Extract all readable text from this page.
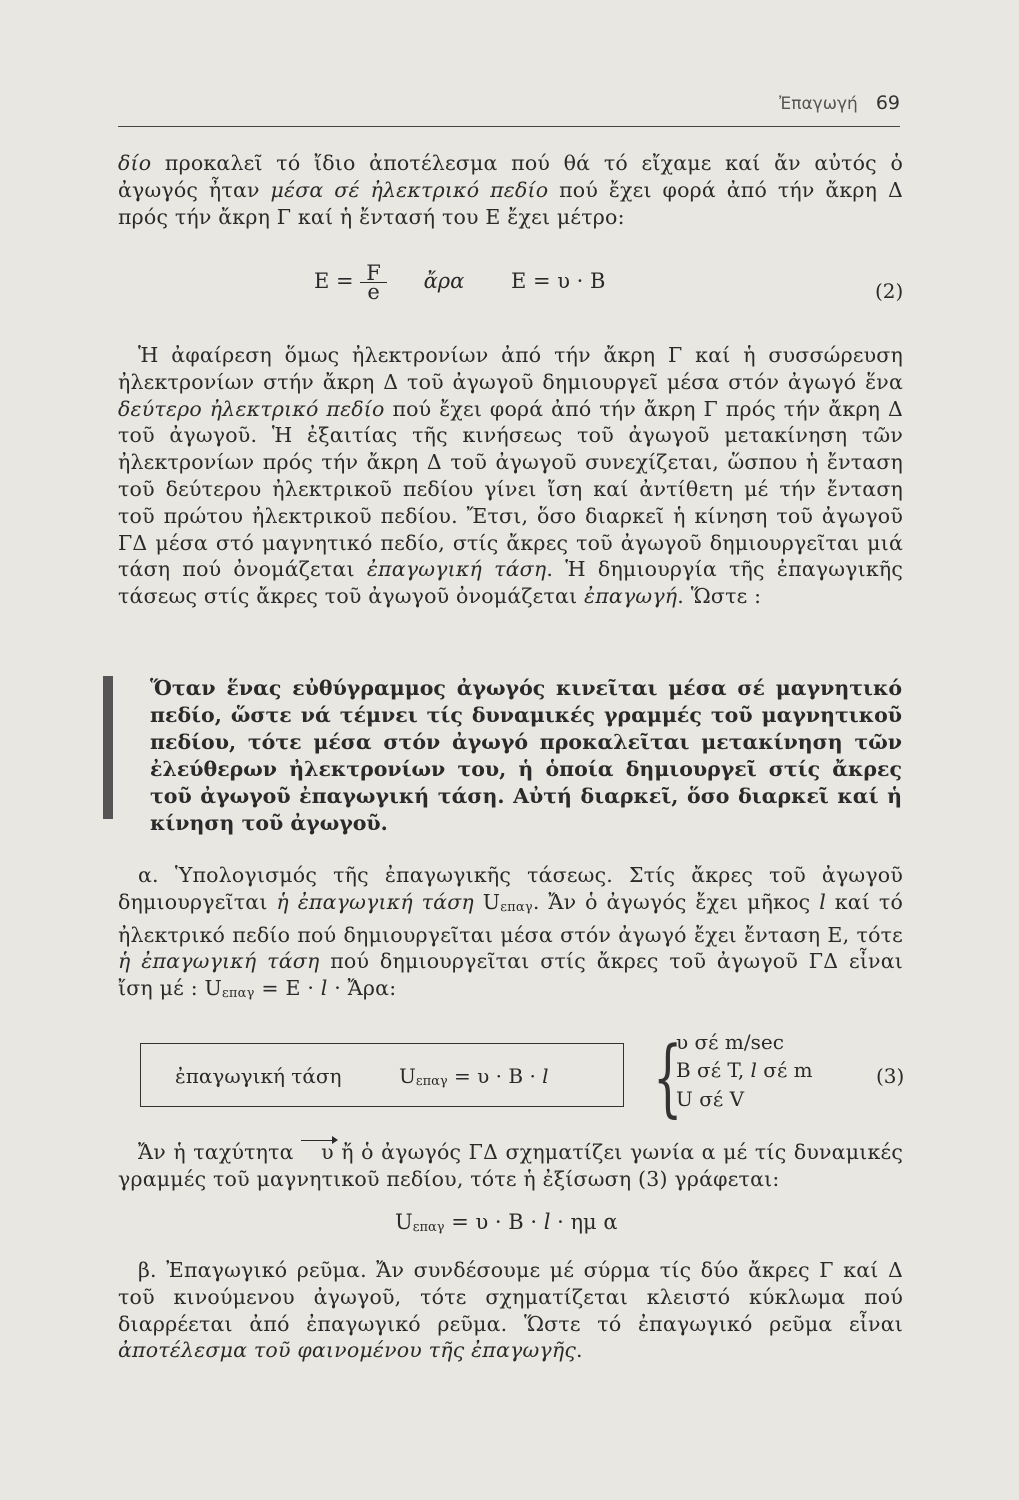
Ἐπαγωγή 69
δίο προκαλεῖ τό ἴδιο ἀποτέλεσμα πού θά τό εἴχαμε καί ἄν αὐτός ὁ ἀγωγός ἦταν μέσα σέ ἠλεκτρικό πεδίο πού ἔχει φορά ἀπό τήν ἄκρη Δ πρός τήν ἄκρη Γ καί ἡ ἔντασή του Ε ἔχει μέτρο:
$E = \frac{F}{e}$ ἄρα E = υ · B	(2)
Ἡ ἀφαίρεση ὅμως ἠλεκτρονίων ἀπό τήν ἄκρη Γ καί ἡ συσσώρευση ἠλεκτρονίων στήν ἄκρη Δ τοῦ ἀγωγοῦ δημιουργεῖ μέσα στόν ἀγωγό ἕνα δεύτερο ἠλεκτρικό πεδίο πού ἔχει φορά ἀπό τήν ἄκρη Γ πρός τήν ἄκρη Δ τοῦ ἀγωγοῦ. Ἡ ἐξαιτίας τῆς κινήσεως τοῦ ἀγωγοῦ μετακίνηση τῶν ἠλεκτρονίων πρός τήν ἄκρη Δ τοῦ ἀγωγοῦ συνεχίζεται, ὥσπου ἡ ἔνταση τοῦ δεύτερου ἠλεκτρικοῦ πεδίου γίνει ἴση καί ἀντίθετη μέ τήν ἔνταση τοῦ πρώτου ἠλεκτρικοῦ πεδίου. Ἔτσι, ὅσο διαρκεῖ ἡ κίνηση τοῦ ἀγωγοῦ ΓΔ μέσα στό μαγνητικό πεδίο, στίς ἄκρες τοῦ ἀγωγοῦ δημιουργεῖται μιά τάση πού ὀνομάζεται ἐπαγωγική τάση. Ἡ δημιουργία τῆς ἐπαγωγικῆς τάσεως στίς ἄκρες τοῦ ἀγωγοῦ ὀνομάζεται ἐπαγωγή. Ὥστε :
Ὅταν ἕνας εὐθύγραμμος ἀγωγός κινεῖται μέσα σέ μαγνητικό πεδίο, ὥστε νά τέμνει τίς δυναμικές γραμμές τοῦ μαγνητικοῦ πεδίου, τότε μέσα στόν ἀγωγό προκαλεῖται μετακίνηση τῶν ἐλεύθερων ἠλεκτρονίων του, ἡ ὁποία δημιουργεῖ στίς ἄκρες τοῦ ἀγωγοῦ ἐπαγωγική τάση. Αὐτή διαρκεῖ, ὅσο διαρκεῖ καί ἡ κίνηση τοῦ ἀγωγοῦ.
α. Ὑπολογισμός τῆς ἐπαγωγικῆς τάσεως. Στίς ἄκρες τοῦ ἀγωγοῦ δημιουργεῖται ἡ ἐπαγωγική τάση Uεπαγ. Ἄν ὁ ἀγωγός ἔχει μῆκος l καί τό ἠλεκτρικό πεδίο πού δημιουργεῖται μέσα στόν ἀγωγό ἔχει ἔνταση Ε, τότε ἡ ἐπαγωγική τάση πού δημιουργεῖται στίς ἄκρες τοῦ ἀγωγοῦ ΓΔ εἶναι ἴση μέ : Uεπαγ = E · l · Ἄρα:
ἐπαγωγική τάση	Uεπαγ = υ · B · l {
υ σέ m/sec
B σέ T, l σέ m
U σέ V
(3)
Ἄν ἡ ταχύτητα υ ἤ ὁ ἀγωγός ΓΔ σχηματίζει γωνία α μέ τίς δυναμικές γραμμές τοῦ μαγνητικοῦ πεδίου, τότε ἡ ἐξίσωση (3) γράφεται:
Uεπαγ = υ · B · l · ημ α
β. Ἐπαγωγικό ρεῦμα. Ἄν συνδέσουμε μέ σύρμα τίς δύο ἄκρες Γ καί Δ τοῦ κινούμενου ἀγωγοῦ, τότε σχηματίζεται κλειστό κύκλωμα πού διαρρέεται ἀπό ἐπαγωγικό ρεῦμα. Ὥστε τό ἐπαγωγικό ρεῦμα εἶναι ἀποτέλεσμα τοῦ φαινομένου τῆς ἐπαγωγῆς.
